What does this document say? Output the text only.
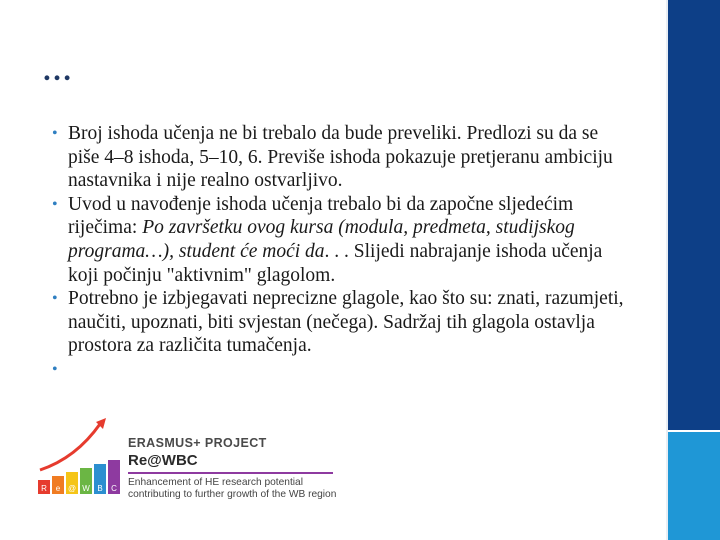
…

• Broj ishoda učenja ne bi trebalo da bude preveliki. Predlozi su da se piše 4–8 ishoda, 5–10, 6. Previše ishoda pokazuje pretjeranu ambiciju nastavnika i nije realno ostvarljivo.

• Uvod u navođenje ishoda učenja trebalo bi da započne sljedećim riječima: Po završetku ovog kursa (modula, predmeta, studijskog programa…), student će moći da. . . Slijedi nabrajanje ishoda učenja koji počinju "aktivnim" glagolom.

• Potrebno je izbjegavati neprecizne glagole, kao što su: znati, razumjeti, naučiti, upoznati, biti svjestan (nečega). Sadržaj tih glagola ostavlja prostora za različita tumačenja.

•

R e @ W B C
ERASMUS+ PROJECT
Re@WBC
Enhancement of HE research potential contributing to further growth of the WB region
